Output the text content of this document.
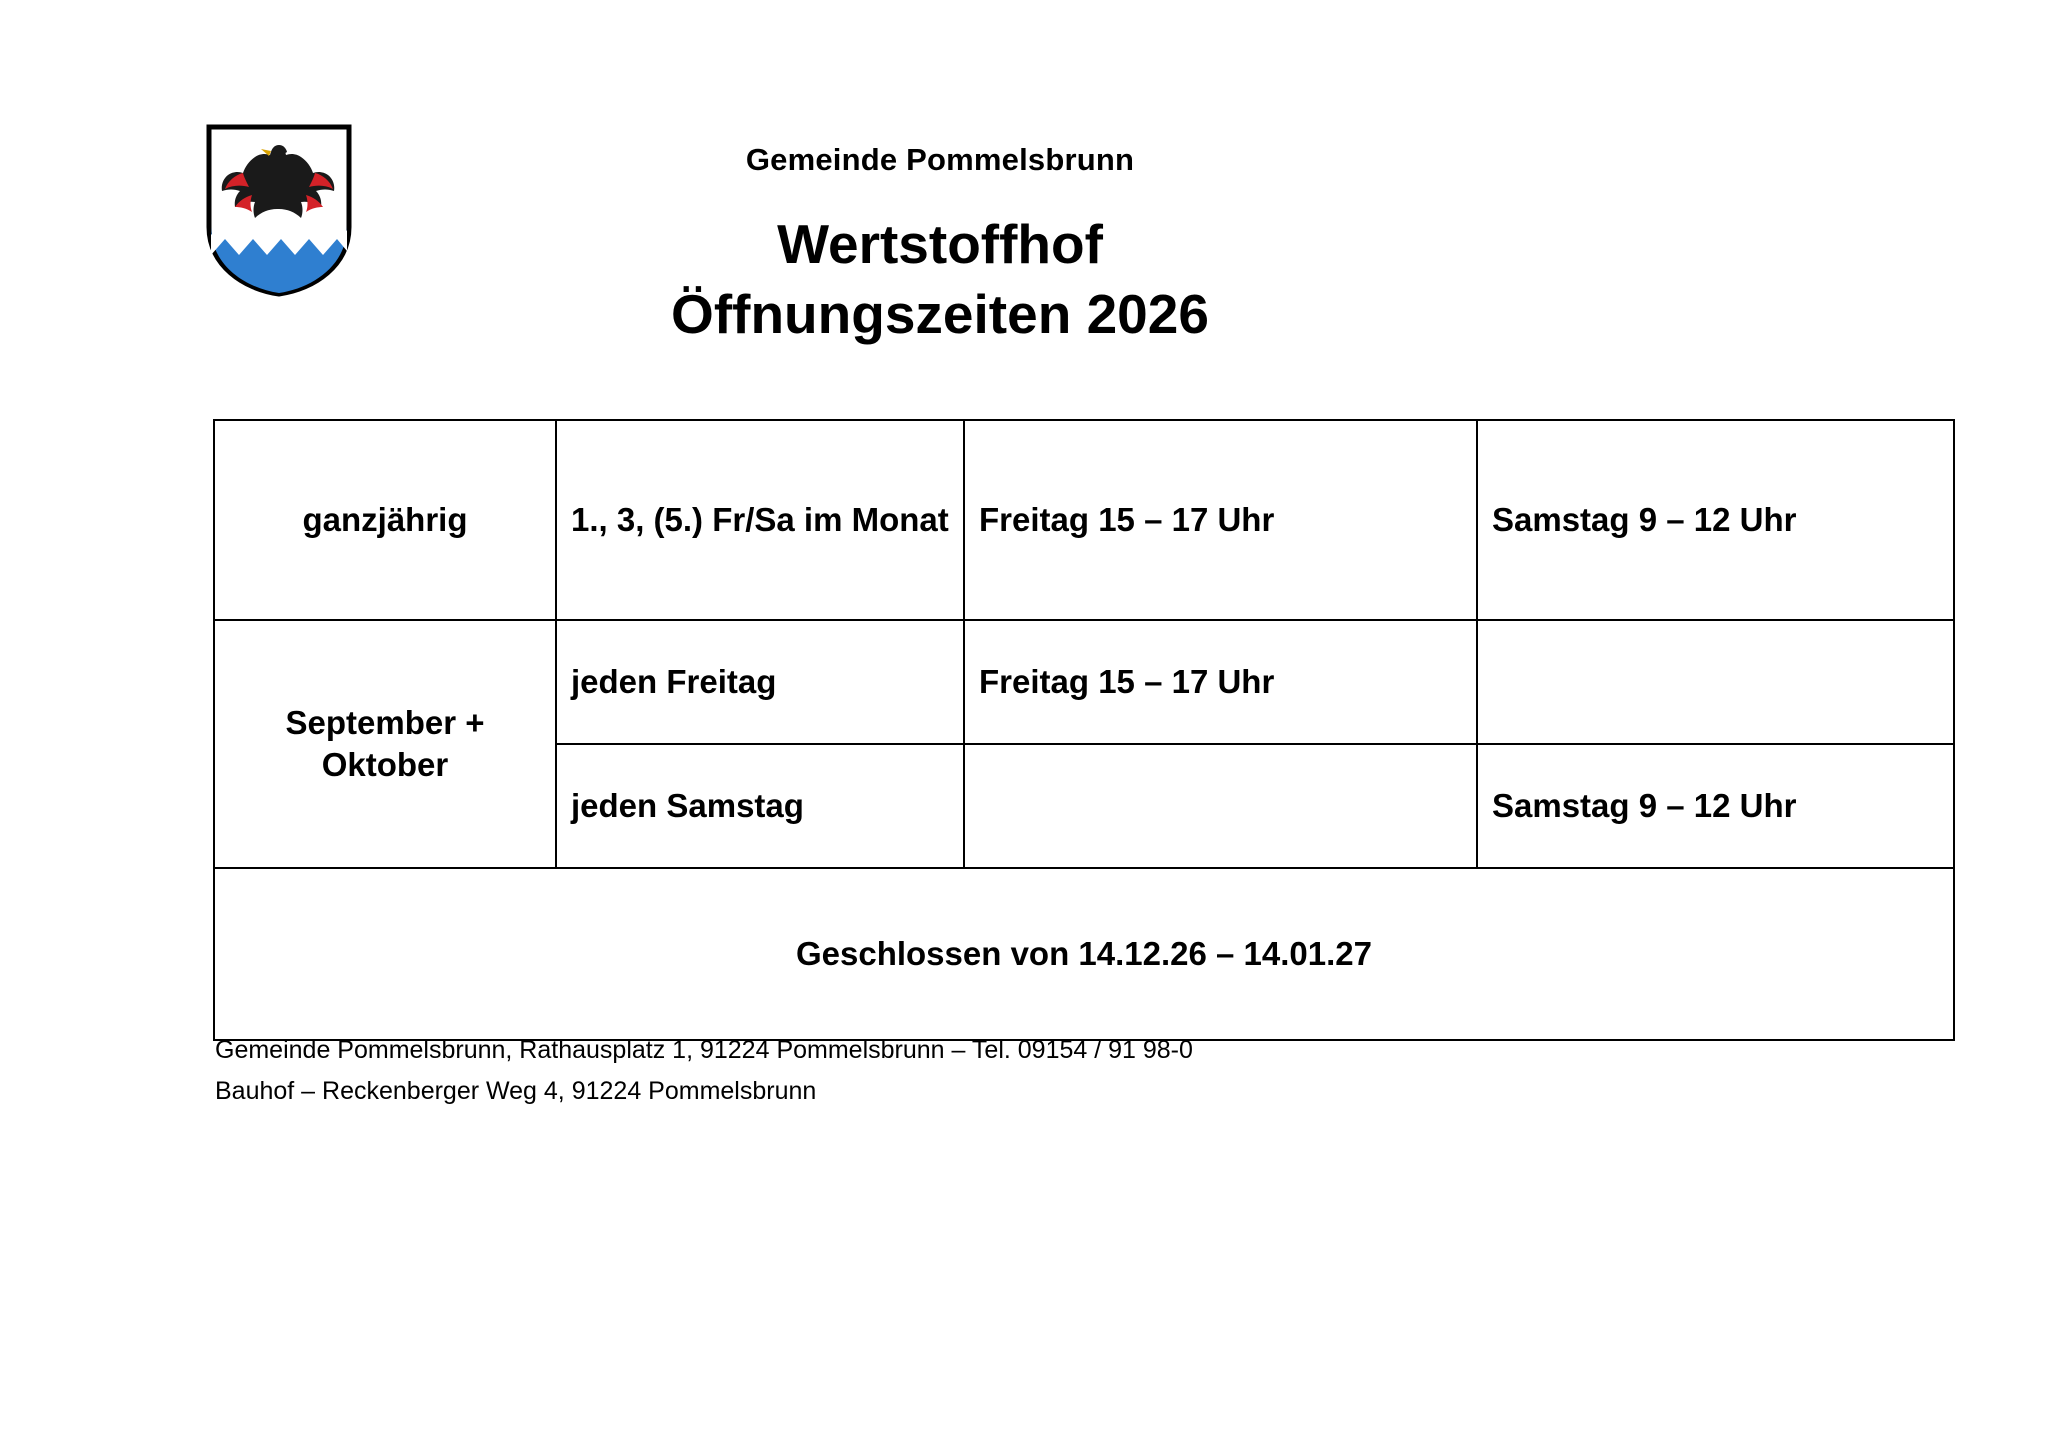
Gemeinde Pommelsbrunn
Wertstoffhof
Öffnungszeiten 2026
ganzjährig	1., 3, (5.) Fr/Sa im Monat	Freitag 15 – 17 Uhr	Samstag 9 – 12 Uhr
September + Oktober	jeden Freitag	Freitag 15 – 17 Uhr	
	jeden Samstag		Samstag 9 – 12 Uhr
Geschlossen von 14.12.26 – 14.01.27			
Gemeinde Pommelsbrunn, Rathausplatz 1, 91224 Pommelsbrunn – Tel. 09154 / 91 98-0
Bauhof – Reckenberger Weg 4, 91224 Pommelsbrunn
